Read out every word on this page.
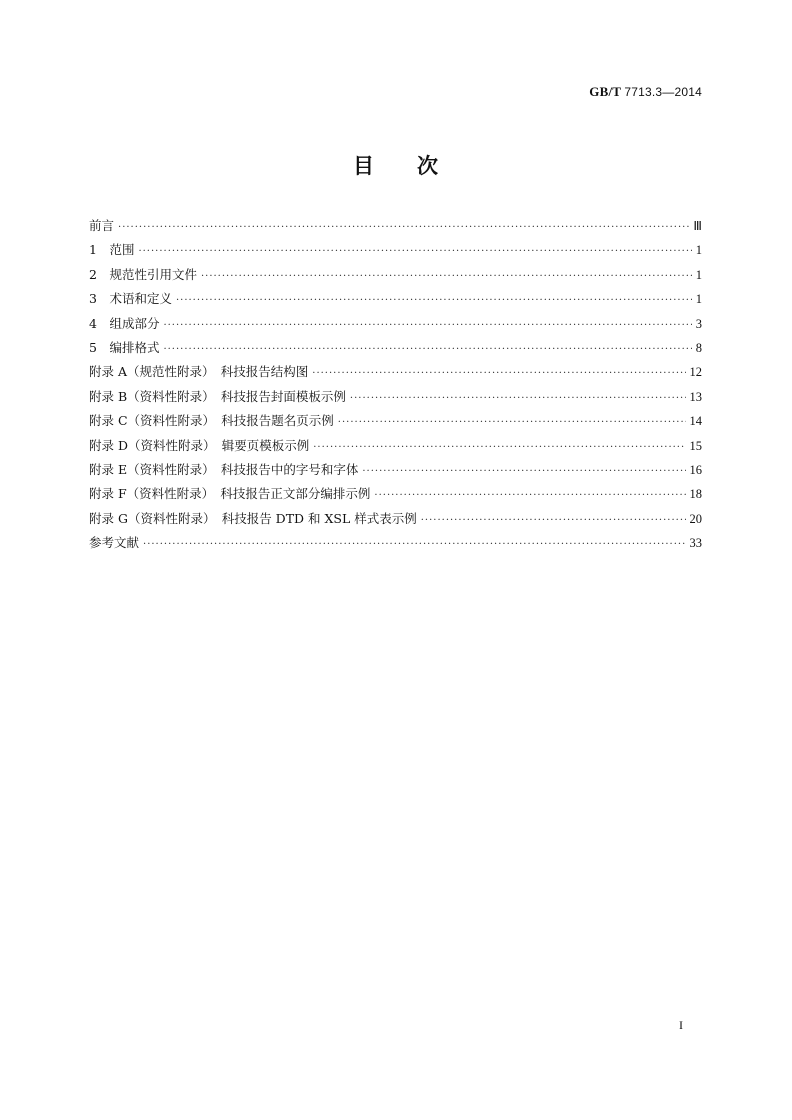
GB/T 7713.3—2014
目 次
前言 ·····	Ⅲ
1　范围 ·····	1
2　规范性引用文件 ·····	1
3　术语和定义 ·····	1
4　组成部分 ·····	3
5　编排格式 ·····	8
附录 A（规范性附录）　科技报告结构图 ·····	12
附录 B（资料性附录）　科技报告封面模板示例 ·····	13
附录 C（资料性附录）　科技报告题名页示例 ·····	14
附录 D（资料性附录）　辑要页模板示例 ·····	15
附录 E（资料性附录）　科技报告中的字号和字体 ·····	16
附录 F（资料性附录）　科技报告正文部分编排示例 ·····	18
附录 G（资料性附录）　科技报告 DTD 和 XSL 样式表示例 ·····	20
参考文献 ·····	33
I
